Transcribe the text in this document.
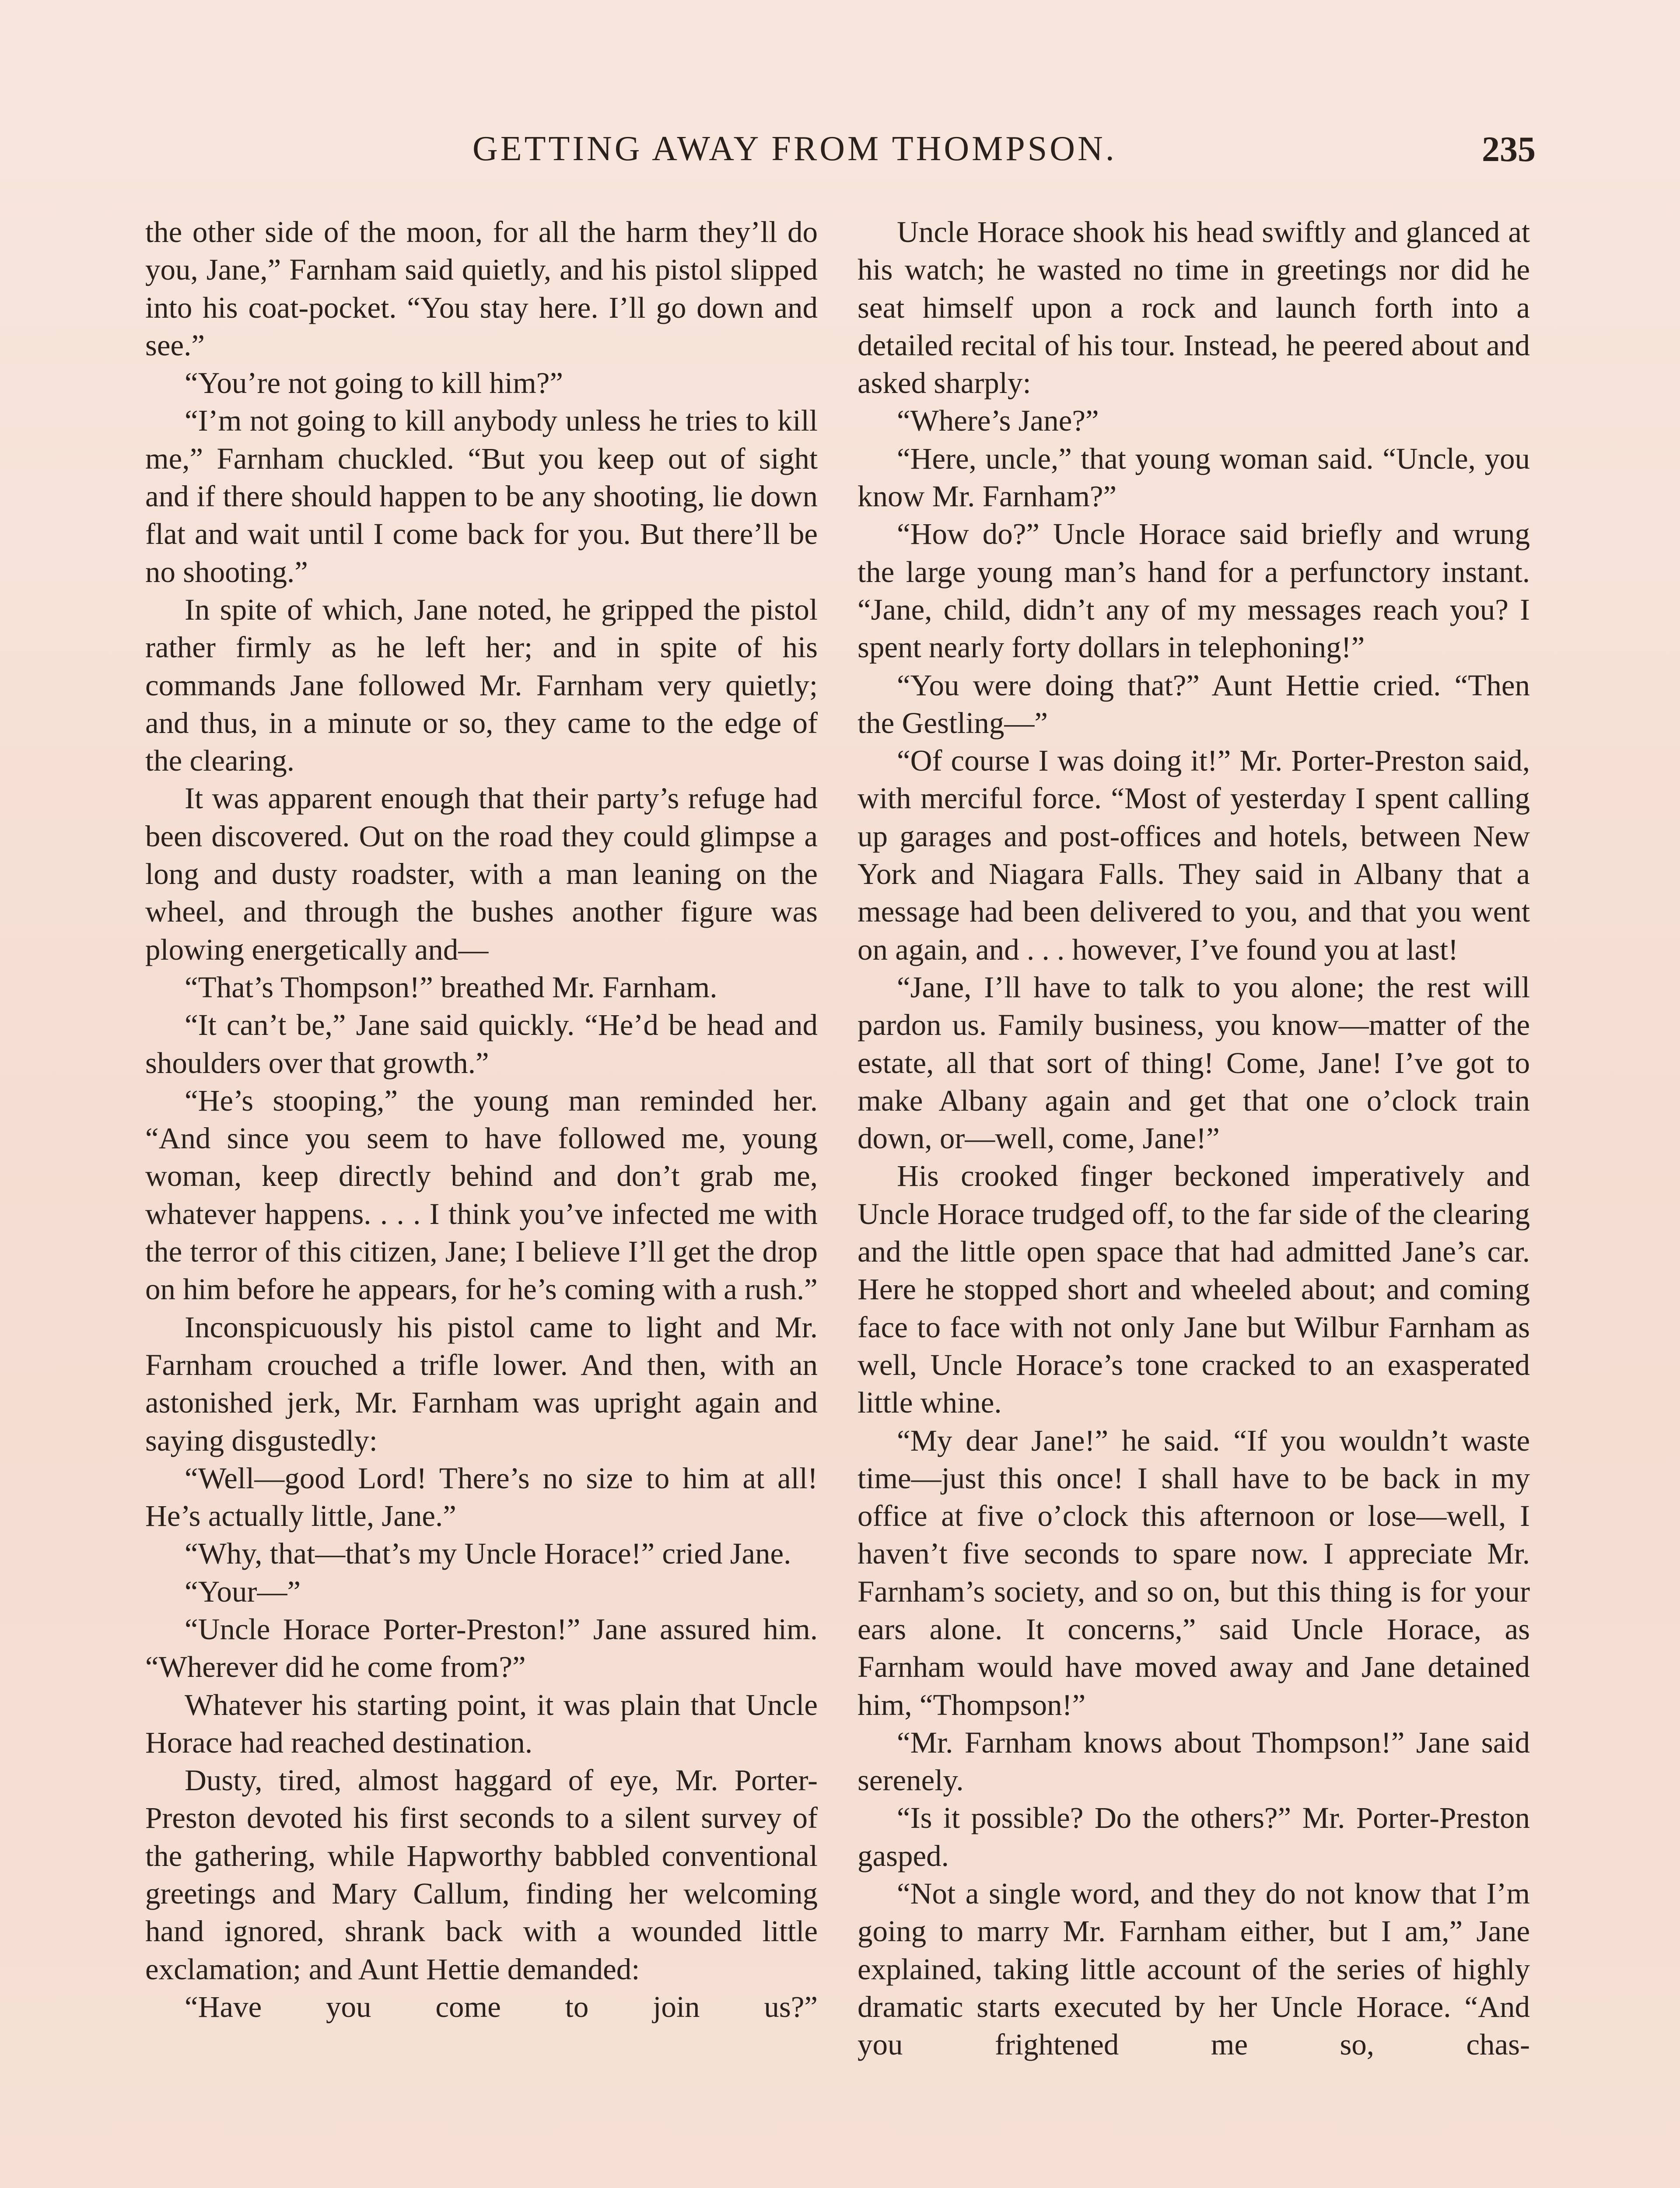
GETTING AWAY FROM THOMPSON.	235

the other side of the moon, for all the harm they’ll do you, Jane,” Farnham said quietly, and his pistol slipped into his coat-pocket. “You stay here. I’ll go down and see.”

“You’re not going to kill him?”

“I’m not going to kill anybody unless he tries to kill me,” Farnham chuckled. “But you keep out of sight and if there should happen to be any shooting, lie down flat and wait until I come back for you. But there’ll be no shooting.”

In spite of which, Jane noted, he gripped the pistol rather firmly as he left her; and in spite of his commands Jane followed Mr. Farnham very quietly; and thus, in a minute or so, they came to the edge of the clearing.

It was apparent enough that their party’s refuge had been discovered. Out on the road they could glimpse a long and dusty roadster, with a man leaning on the wheel, and through the bushes another figure was plowing energetically and—

“That’s Thompson!” breathed Mr. Farnham.

“It can’t be,” Jane said quickly. “He’d be head and shoulders over that growth.”

“He’s stooping,” the young man reminded her. “And since you seem to have followed me, young woman, keep directly behind and don’t grab me, whatever happens. . . . I think you’ve infected me with the terror of this citizen, Jane; I believe I’ll get the drop on him before he appears, for he’s coming with a rush.”

Inconspicuously his pistol came to light and Mr. Farnham crouched a trifle lower. And then, with an astonished jerk, Mr. Farnham was upright again and saying disgustedly:

“Well—good Lord! There’s no size to him at all! He’s actually little, Jane.”

“Why, that—that’s my Uncle Horace!” cried Jane.

“Your—”

“Uncle Horace Porter-Preston!” Jane assured him. “Wherever did he come from?”

Whatever his starting point, it was plain that Uncle Horace had reached destination.

Dusty, tired, almost haggard of eye, Mr. Porter-Preston devoted his first seconds to a silent survey of the gathering, while Hapworthy babbled conventional greetings and Mary Callum, finding her welcoming hand ignored, shrank back with a wounded little exclamation; and Aunt Hettie demanded:

“Have you come to join us?”

Uncle Horace shook his head swiftly and glanced at his watch; he wasted no time in greetings nor did he seat himself upon a rock and launch forth into a detailed recital of his tour. Instead, he peered about and asked sharply:

“Where’s Jane?”

“Here, uncle,” that young woman said. “Uncle, you know Mr. Farnham?”

“How do?” Uncle Horace said briefly and wrung the large young man’s hand for a perfunctory instant. “Jane, child, didn’t any of my messages reach you? I spent nearly forty dollars in telephoning!”

“You were doing that?” Aunt Hettie cried. “Then the Gestling—”

“Of course I was doing it!” Mr. Porter-Preston said, with merciful force. “Most of yesterday I spent calling up garages and post-offices and hotels, between New York and Niagara Falls. They said in Albany that a message had been delivered to you, and that you went on again, and . . . however, I’ve found you at last!

“Jane, I’ll have to talk to you alone; the rest will pardon us. Family business, you know—matter of the estate, all that sort of thing! Come, Jane! I’ve got to make Albany again and get that one o’clock train down, or—well, come, Jane!”

His crooked finger beckoned imperatively and Uncle Horace trudged off, to the far side of the clearing and the little open space that had admitted Jane’s car. Here he stopped short and wheeled about; and coming face to face with not only Jane but Wilbur Farnham as well, Uncle Horace’s tone cracked to an exasperated little whine.

“My dear Jane!” he said. “If you wouldn’t waste time—just this once! I shall have to be back in my office at five o’clock this afternoon or lose—well, I haven’t five seconds to spare now. I appreciate Mr. Farnham’s society, and so on, but this thing is for your ears alone. It concerns,” said Uncle Horace, as Farnham would have moved away and Jane detained him, “Thompson!”

“Mr. Farnham knows about Thompson!” Jane said serenely.

“Is it possible? Do the others?” Mr. Porter-Preston gasped.

“Not a single word, and they do not know that I’m going to marry Mr. Farnham either, but I am,” Jane explained, taking little account of the series of highly dramatic starts executed by her Uncle Horace. “And you frightened me so, chas-
